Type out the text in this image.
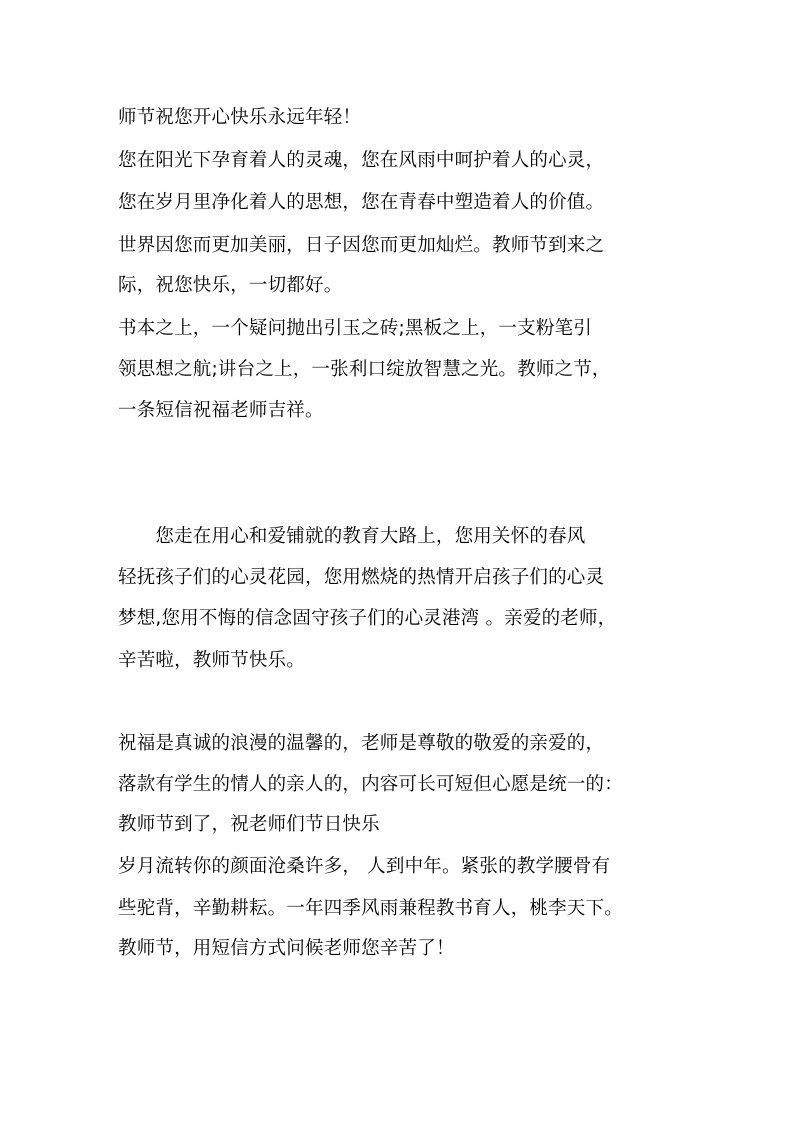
师节祝您开心快乐永远年轻！
您在阳光下孕育着人的灵魂，您在风雨中呵护着人的心灵，
您在岁月里净化着人的思想，您在青春中塑造着人的价值。
世界因您而更加美丽，日子因您而更加灿烂。教师节到来之
际，祝您快乐，一切都好。
书本之上，一个疑问抛出引玉之砖;黑板之上，一支粉笔引
领思想之航;讲台之上，一张利口绽放智慧之光。教师之节，
一条短信祝福老师吉祥。
　　您走在用心和爱铺就的教育大路上，您用关怀的春风
轻抚孩子们的心灵花园，您用燃烧的热情开启孩子们的心灵
梦想,您用不悔的信念固守孩子们的心灵港湾 。亲爱的老师，
辛苦啦，教师节快乐。
祝福是真诚的浪漫的温馨的，老师是尊敬的敬爱的亲爱的，
落款有学生的情人的亲人的，内容可长可短但心愿是统一的：
教师节到了，祝老师们节日快乐
岁月流转你的颜面沧桑许多， 人到中年。紧张的教学腰骨有
些驼背，辛勤耕耘。一年四季风雨兼程教书育人，桃李天下。
教师节，用短信方式问候老师您辛苦了！
